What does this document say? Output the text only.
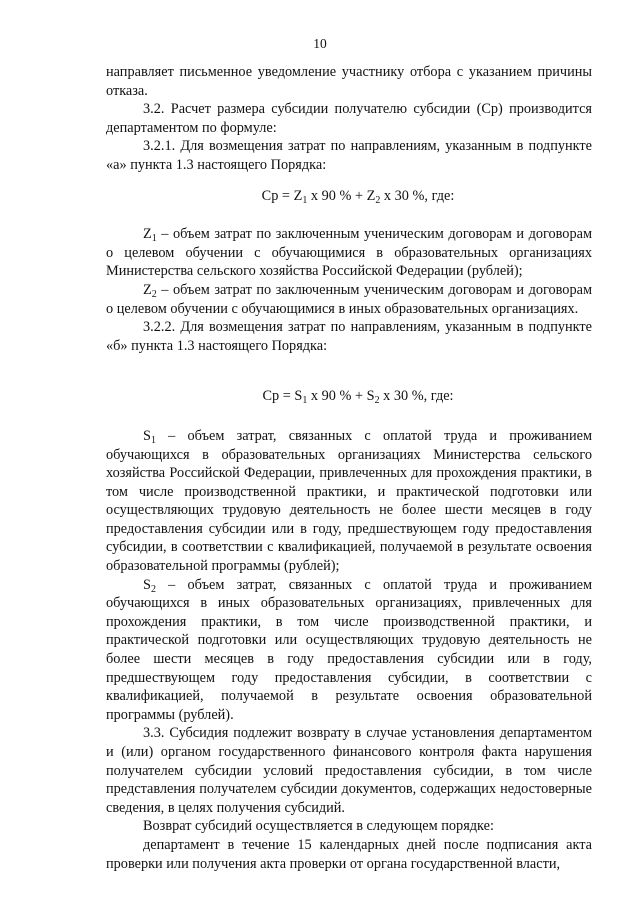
10

направляет письменное уведомление участнику отбора с указанием причины отказа.

3.2. Расчет размера субсидии получателю субсидии (Ср) производится департаментом по формуле:

3.2.1. Для возмещения затрат по направлениям, указанным в подпункте «а» пункта 1.3 настоящего Порядка:

Ср = $Z_1$ х 90 % + $Z_2$ х 30 %, где:

$Z_1$ – объем затрат по заключенным ученическим договорам и договорам о целевом обучении с обучающимися в образовательных организациях Министерства сельского хозяйства Российской Федерации (рублей);

$Z_2$ – объем затрат по заключенным ученическим договорам и договорам о целевом обучении с обучающимися в иных образовательных организациях.

3.2.2. Для возмещения затрат по направлениям, указанным в подпункте «б» пункта 1.3 настоящего Порядка:

Ср = $S_1$ х 90 % + $S_2$ х 30 %, где:

$S_1$ – объем затрат, связанных с оплатой труда и проживанием обучающихся в образовательных организациях Министерства сельского хозяйства Российской Федерации, привлеченных для прохождения практики, в том числе производственной практики, и практической подготовки или осуществляющих трудовую деятельность не более шести месяцев в году предоставления субсидии или в году, предшествующем году предоставления субсидии, в соответствии с квалификацией, получаемой в результате освоения образовательной программы (рублей);

$S_2$ – объем затрат, связанных с оплатой труда и проживанием обучающихся в иных образовательных организациях, привлеченных для прохождения практики, в том числе производственной практики, и практической подготовки или осуществляющих трудовую деятельность не более шести месяцев в году предоставления субсидии или в году, предшествующем году предоставления субсидии, в соответствии с квалификацией, получаемой в результате освоения образовательной программы (рублей).

3.3. Субсидия подлежит возврату в случае установления департаментом и (или) органом государственного финансового контроля факта нарушения получателем субсидии условий предоставления субсидии, в том числе представления получателем субсидии документов, содержащих недостоверные сведения, в целях получения субсидий.

Возврат субсидий осуществляется в следующем порядке:

департамент в течение 15 календарных дней после подписания акта проверки или получения акта проверки от органа государственной власти,
